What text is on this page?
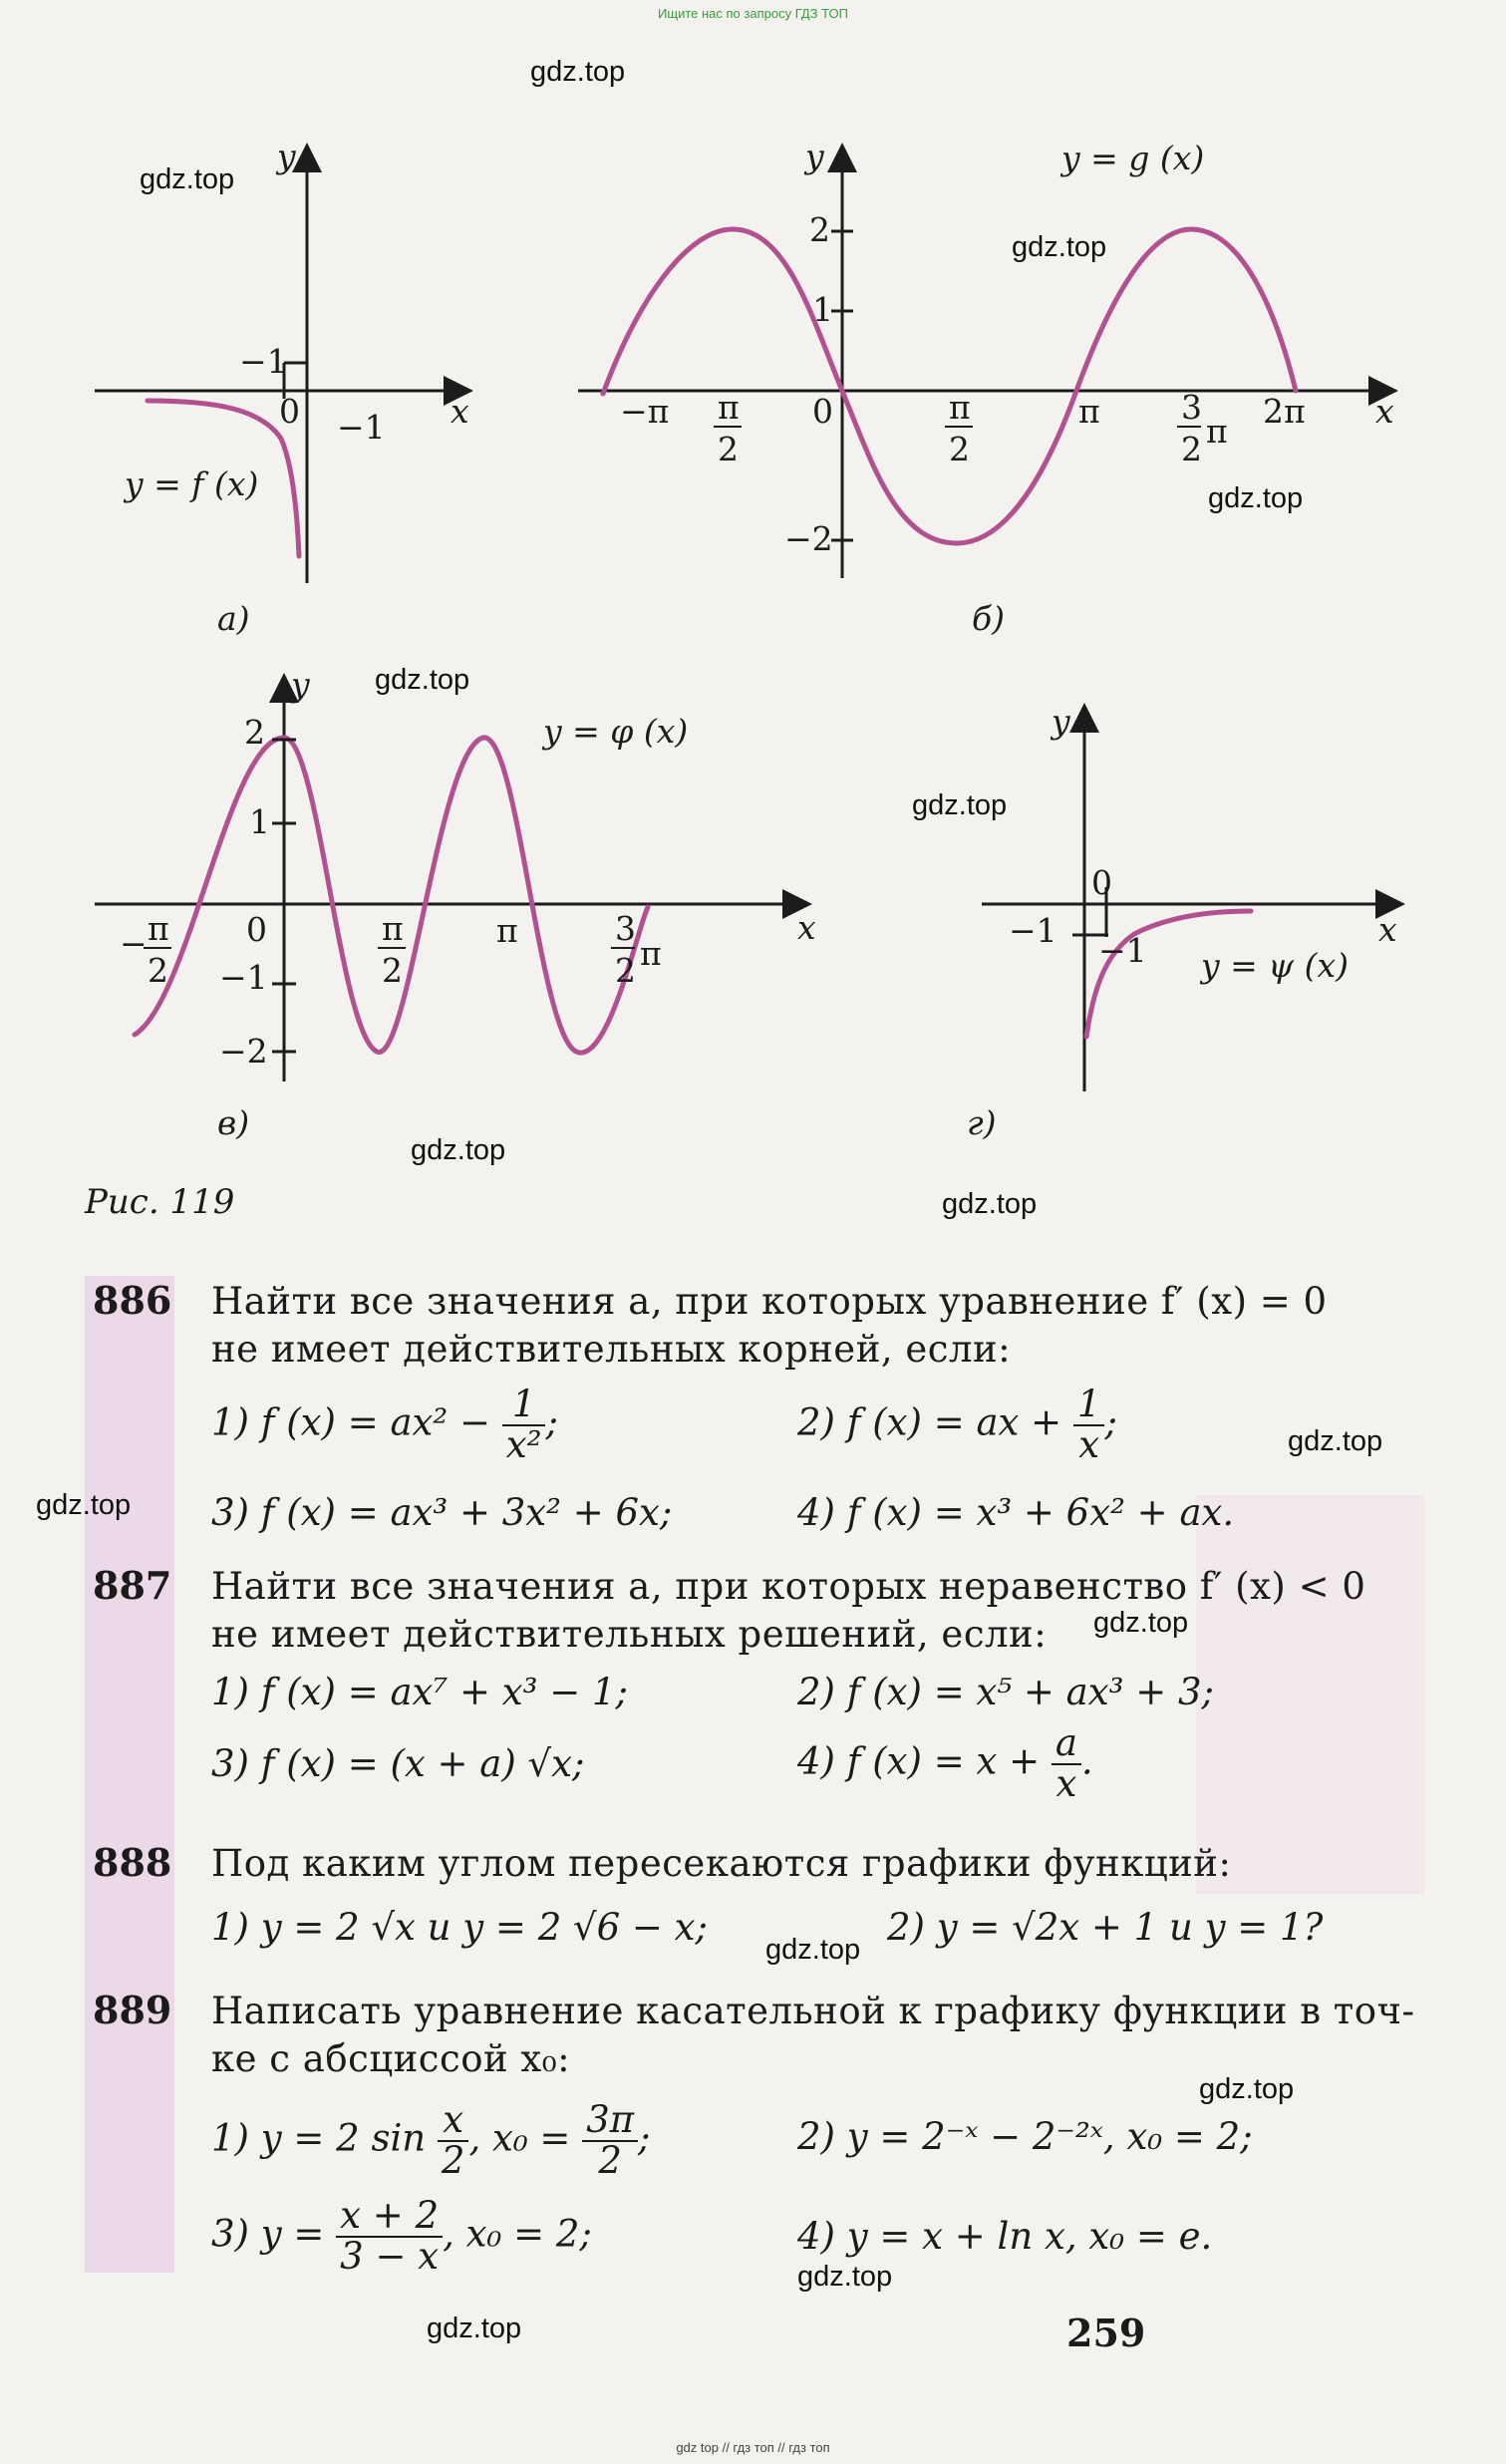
Ищите нас по запросу ГДЗ ТОП
gdz top // гдз топ // гдз топ
y
x
−1
0 −1
y = f (x)
а)
y
x
y = g (x)
2
1
0
−2
−π π
2
π
2
π 3
2 π
2π
б)
y
x
y = φ (x)
2
1
0
−1
−2
− π
2
π
2
π	3
2 π
в)
y
x
0
−1
−1 y = ψ (x)
г)
gdz.top
gdz.top
gdz.top
gdz.top
gdz.top
gdz.top
gdz.top
gdz.top
gdz.top
gdz.top
gdz.top
gdz.top
gdz.top
gdz.top
gdz.top
Рис. 119
886 Найти все значения a, при которых уравнение f′ (x) = 0
не имеет действительных корней, если:
1) f $(x) = ax^2 - \frac{1}{\text{x²}}$ ;	2) f (x) = ax + $\frac{1}{x}$ ;
3) f (x) = ax³ + 3x² + 6x;	4) f (x) = x³ + 6x² + ax.
887 Найти все значения a, при которых неравенство f′ (x) < 0
не имеет действительных решений, если:
1) f (x) = ax⁷ + x³ − 1;	2) f (x) = x⁵ + ax³ + 3;
3) f (x) = (x + a) √x;	4) f $(x) = x + \frac{a}{x}$ .
888 Под каким углом пересекаются графики функций:
1) y = 2 √x и y = 2 √6 − x;	2) y = √2x + 1 и y = 1?
889 Написать уравнение касательной к графику функции в точ-
ке с абсциссой x₀:
1) y = 2 $\sin \frac{x}{2}$ , $x_0 = \frac{3\pi}{2}$ ;	2) y = 2⁻ˣ − 2⁻²ˣ, x₀ = 2;
3) $y = \frac{x + 2}{3 - x}$ , x₀ = 2;	4) y = x + ln x, x₀ = e.
259
